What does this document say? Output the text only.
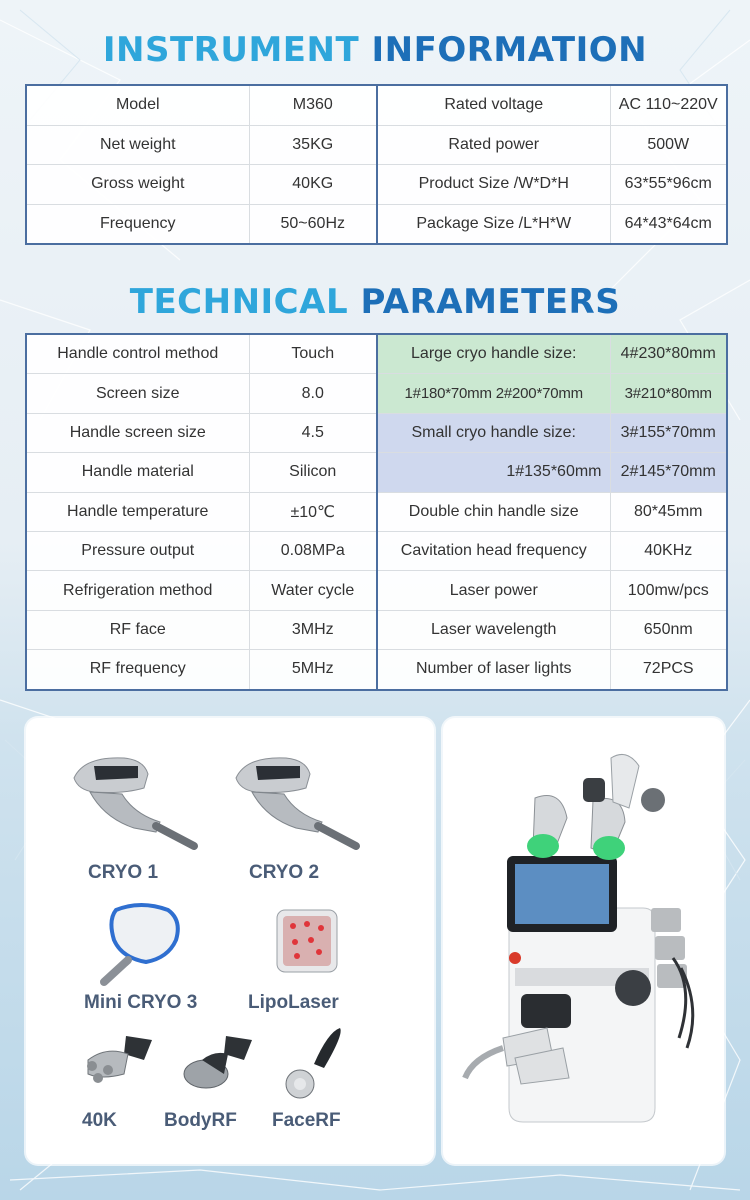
INSTRUMENT INFORMATION
Model	M360	Rated voltage	AC 110~220V
Net weight	35KG	Rated power	500W
Gross weight	40KG	Product Size /W*D*H	63*55*96cm
Frequency	50~60Hz	Package Size /L*H*W	64*43*64cm
TECHNICAL PARAMETERS
Handle control method	Touch	Large cryo handle size:	4#230*80mm
Screen size	8.0	1#180*70mm 2#200*70mm	3#210*80mm
Handle screen size	4.5	Small cryo handle size:	3#155*70mm
Handle material	Silicon	1#135*60mm	2#145*70mm
Handle temperature	±10℃	Double chin handle size	80*45mm
Pressure output	0.08MPa	Cavitation head frequency	40KHz
Refrigeration method	Water cycle	Laser power	100mw/pcs
RF face	3MHz	Laser wavelength	650nm
RF frequency	5MHz	Number of laser lights	72PCS
CRYO 1	CRYO 2
Mini CRYO 3	LipoLaser
40K BodyRF FaceRF
